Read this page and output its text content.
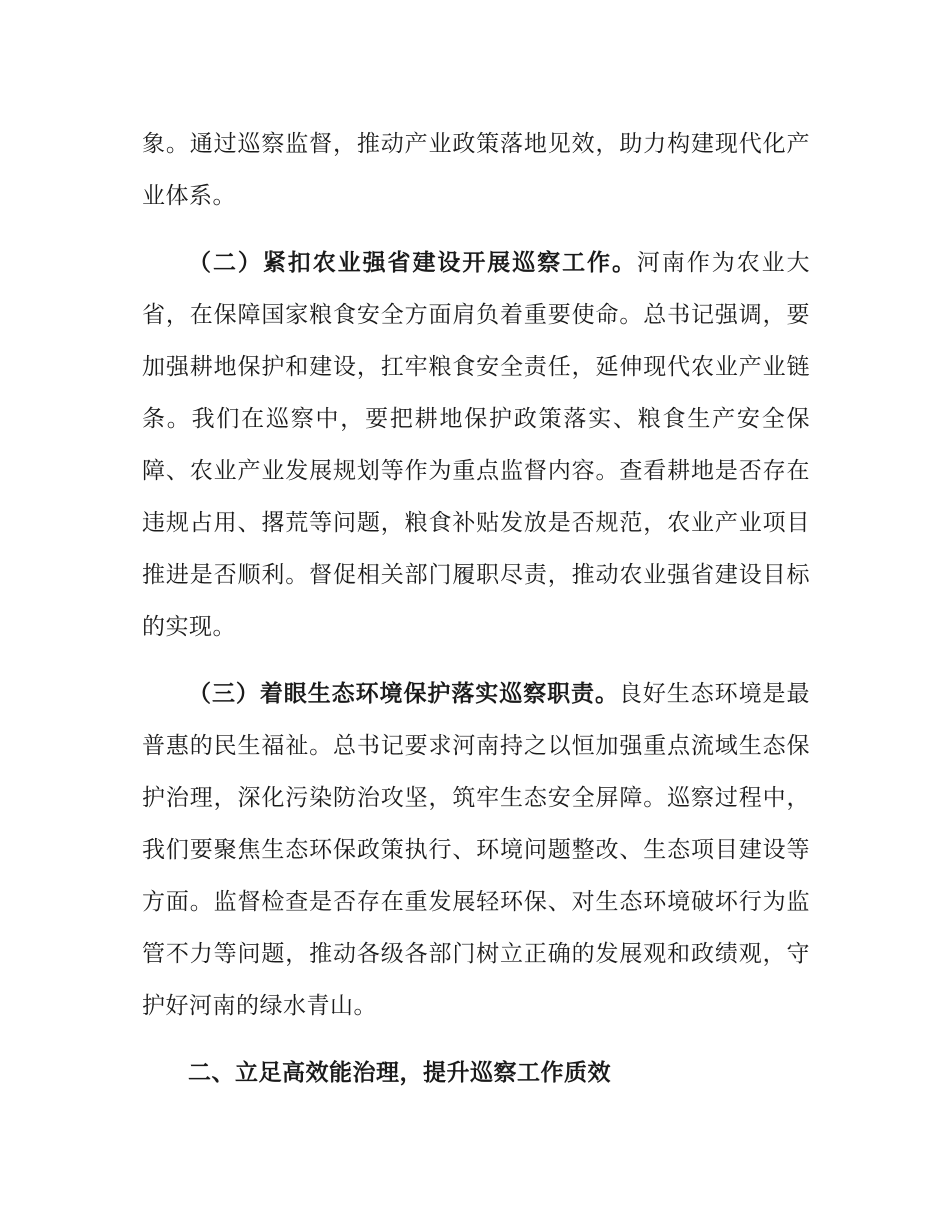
象。通过巡察监督，推动产业政策落地见效，助力构建现代化产业体系。

（二）紧扣农业强省建设开展巡察工作。河南作为农业大省，在保障国家粮食安全方面肩负着重要使命。总书记强调，要加强耕地保护和建设，扛牢粮食安全责任，延伸现代农业产业链条。我们在巡察中，要把耕地保护政策落实、粮食生产安全保障、农业产业发展规划等作为重点监督内容。查看耕地是否存在违规占用、撂荒等问题，粮食补贴发放是否规范，农业产业项目推进是否顺利。督促相关部门履职尽责，推动农业强省建设目标的实现。

（三）着眼生态环境保护落实巡察职责。良好生态环境是最普惠的民生福祉。总书记要求河南持之以恒加强重点流域生态保护治理，深化污染防治攻坚，筑牢生态安全屏障。巡察过程中，我们要聚焦生态环保政策执行、环境问题整改、生态项目建设等方面。监督检查是否存在重发展轻环保、对生态环境破坏行为监管不力等问题，推动各级各部门树立正确的发展观和政绩观，守护好河南的绿水青山。

二、立足高效能治理，提升巡察工作质效
